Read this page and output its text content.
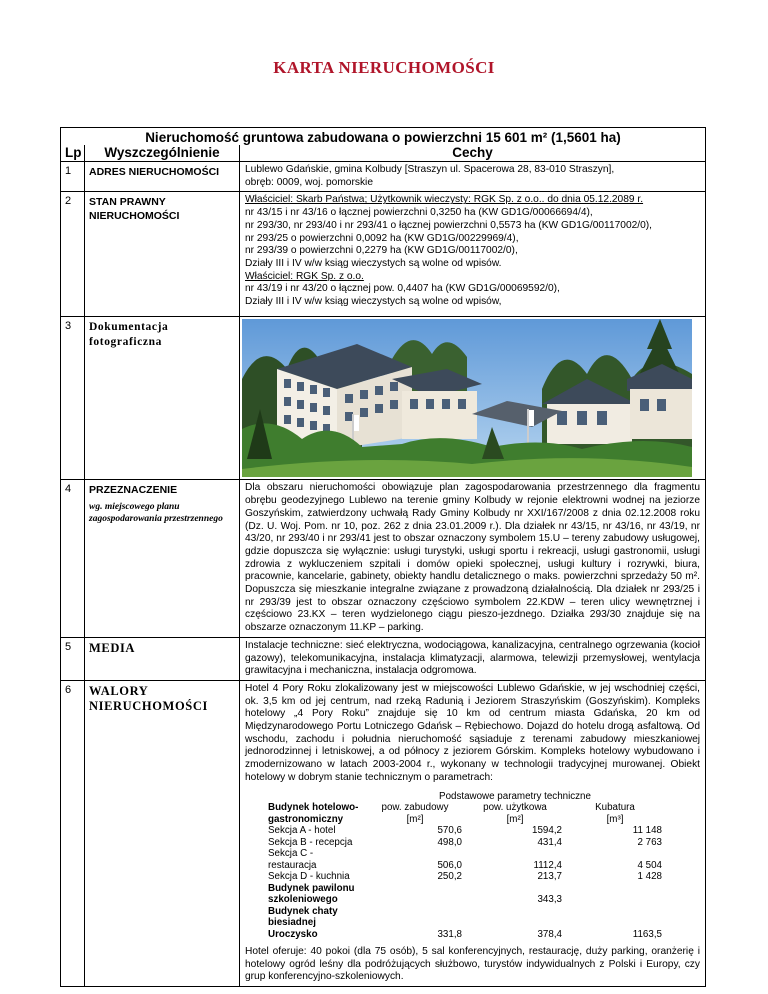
KARTA NIERUCHOMOŚCI
Nieruchomość gruntowa zabudowana o powierzchni 15 601 m² (1,5601 ha)
Lp	Wyszczególnienie	Cechy
1	ADRES NIERUCHOMOŚCI	Lublewo Gdańskie, gmina Kolbudy [Straszyn ul. Spacerowa 28, 83-010 Straszyn],
obręb: 0009, woj. pomorskie

2	STAN PRAWNY NIERUCHOMOŚCI	
Właściciel: Skarb Państwa; Użytkownik wieczysty: RGK Sp. z o.o.. do dnia 05.12.2089 r.
nr 43/15 i nr 43/16 o łącznej powierzchni 0,3250 ha (KW GD1G/00066694/4),
nr 293/30, nr 293/40 i nr 293/41 o łącznej powierzchni 0,5573 ha (KW GD1G/00117002/0),
nr 293/25 o powierzchni 0,0092 ha (KW GD1G/00229969/4),
nr 293/39 o powierzchni 0,2279 ha (KW GD1G/00117002/0),
Działy III i IV w/w ksiąg wieczystych są wolne od wpisów.
Właściciel: RGK Sp. z o.o.
nr 43/19 i nr 43/20 o łącznej pow. 0,4407 ha (KW GD1G/00069592/0),
Działy III i IV w/w ksiąg wieczystych są wolne od wpisów,

3	Dokumentacja fotograficzna	

4	PRZEZNACZENIE
wg. miejscowego planu zagospodarowania przestrzennego
	Dla obszaru nieruchomości obowiązuje plan zagospodarowania przestrzennego dla fragmentu obrębu geodezyjnego Lublewo na terenie gminy Kolbudy w rejonie elektrowni wodnej na jeziorze Goszyńskim, zatwierdzony uchwałą Rady Gminy Kolbudy nr XXI/167/2008 z dnia 02.12.2008 roku (Dz. U. Woj. Pom. nr 10, poz. 262 z dnia 23.01.2009 r.). Dla działek nr 43/15, nr 43/16, nr 43/19, nr 43/20, nr 293/40 i nr 293/41 jest to obszar oznaczony symbolem 15.U – tereny zabudowy usługowej, gdzie dopuszcza się wyłącznie: usługi turystyki, usługi sportu i rekreacji, usługi gastronomii, usługi zdrowia z wykluczeniem szpitali i domów opieki społecznej, usługi kultury i rozrywki, biura, pracownie, kancelarie, gabinety, obiekty handlu detalicznego o maks. powierzchni sprzedaży 50 m². Dopuszcza się mieszkanie integralne związane z prowadzoną działalnością. Dla działek nr 293/25 i nr 293/39 jest to obszar oznaczony częściowo symbolem 22.KDW – teren ulicy wewnętrznej i częściowo 23.KX – teren wydzielonego ciągu pieszo-jezdnego. Działka 293/30 znajduje się na obszarze oznaczonym 11.KP – parking.
5	MEDIA	Instalacje techniczne: sieć elektryczna, wodociągowa, kanalizacyjna, centralnego ogrzewania (kocioł gazowy), telekomunikacyjna, instalacja klimatyzacji, alarmowa, telewizji przemysłowej, wentylacja grawitacyjna i mechaniczna, instalacja odgromowa.
6	WALORY NIERUCHOMOŚCI	
Hotel 4 Pory Roku zlokalizowany jest w miejscowości Lublewo Gdańskie, w jej wschodniej części, ok. 3,5 km od jej centrum, nad rzeką Radunią i Jeziorem Straszyńskim (Goszyńskim). Kompleks hotelowy „4 Pory Roku” znajduje się 10 km od centrum miasta Gdańska, 20 km od Międzynarodowego Portu Lotniczego Gdańsk – Rębiechowo. Dojazd do hotelu drogą asfaltową. Od wschodu, zachodu i południa nieruchomość sąsiaduje z terenami zabudowy mieszkaniowej jednorodzinnej i letniskowej, a od północy z jeziorem Górskim. Kompleks hotelowy wybudowano i zmodernizowano w latach 2003-2004 r., wykonany w technologii tradycyjnej murowanej. Obiekt hotelowy w dobrym stanie technicznym o parametrach:
	Podstawowe parametry techniczne
Budynek hotelowo-gastronomiczny	pow. zabudowy	pow. użytkowa	Kubatura
[m²]	[m²]	[m³]
Sekcja A - hotel	570,6	1594,2	11 148
Sekcja B - recepcja	498,0	431,4	2 763
Sekcja C - restauracja	506,0	1112,4	4 504
Sekcja D - kuchnia	250,2	213,7	1 428
Budynek pawilonu szkoleniowego		343,3	
Budynek chaty biesiadnej Uroczysko	331,8	378,4	1163,5
Hotel oferuje: 40 pokoi (dla 75 osób), 5 sal konferencyjnych, restaurację, duży parking, oranżerię i hotelowy ogród leśny dla podróżujących służbowo, turystów indywidualnych z Polski i Europy, czy grup konferencyjno-szkoleniowych.
